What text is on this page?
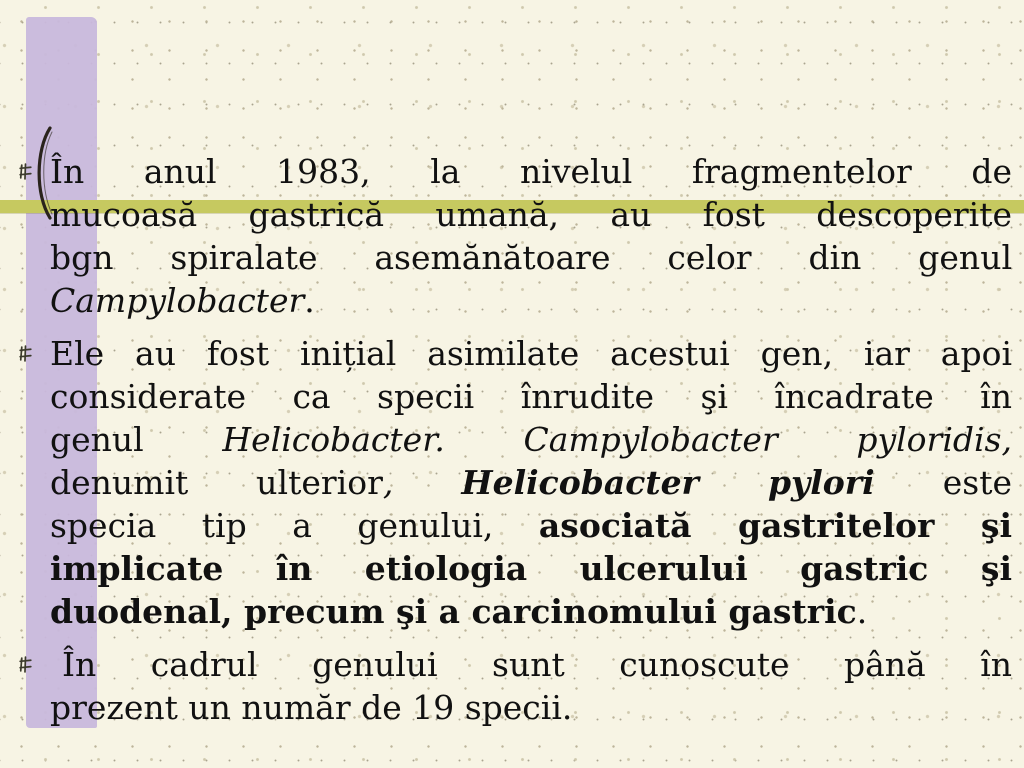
În anul 1983, la nivelul fragmentelor de
mucoasă gastrică umană, au fost descoperite
bgn spiralate asemănătoare celor din genul
Campylobacter.
Ele au fost inițial asimilate acestui gen, iar apoi
considerate ca specii înrudite şi încadrate în
genul Helicobacter. Campylobacter pyloridis,
denumit ulterior, Helicobacter pylori este
specia tip a genului, asociată gastritelor şi
implicate în etiologia ulcerului gastric şi
duodenal, precum şi a carcinomului gastric.
În cadrul genului sunt cunoscute până în
prezent un număr de 19 specii.
